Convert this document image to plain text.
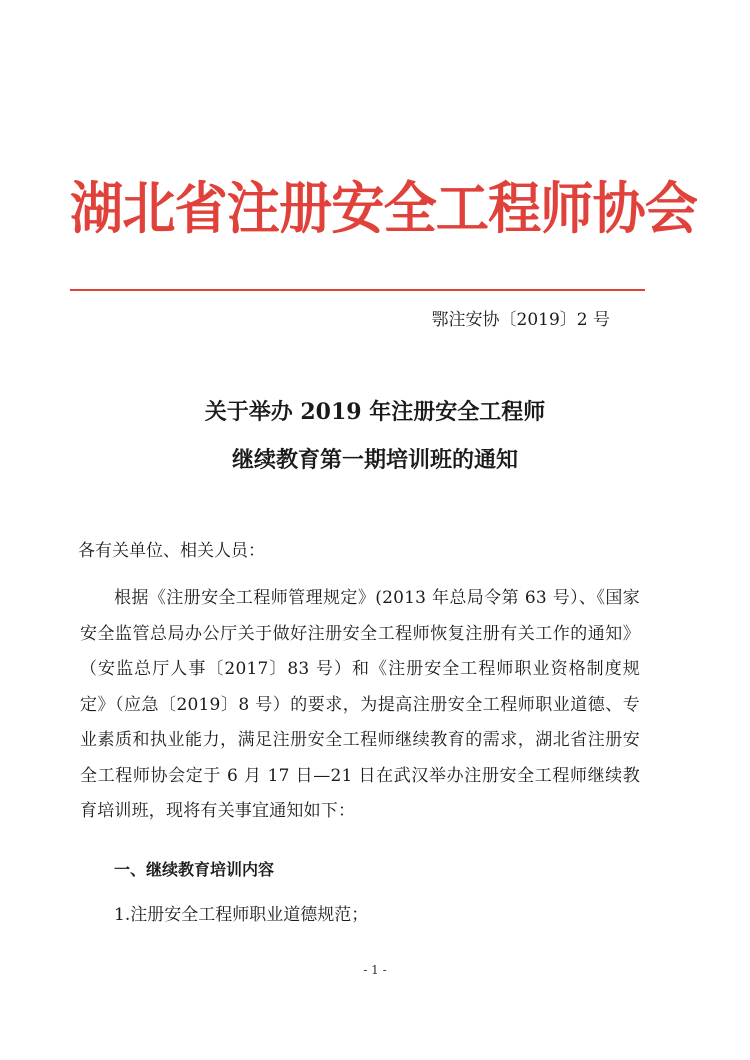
湖北省注册安全工程师协会
鄂注安协〔2019〕2 号
关于举办 2019 年注册安全工程师
继续教育第一期培训班的通知
各有关单位、相关人员：
根据《注册安全工程师管理规定》(2013 年总局令第 63 号）、《国家安全监管总局办公厅关于做好注册安全工程师恢复注册有关工作的通知》（安监总厅人事〔2017〕83 号）和《注册安全工程师职业资格制度规定》（应急〔2019〕8 号）的要求，为提高注册安全工程师职业道德、专业素质和执业能力，满足注册安全工程师继续教育的需求，湖北省注册安全工程师协会定于 6 月 17 日—21 日在武汉举办注册安全工程师继续教育培训班，现将有关事宜通知如下：
一、继续教育培训内容
1.注册安全工程师职业道德规范；
- 1 -
